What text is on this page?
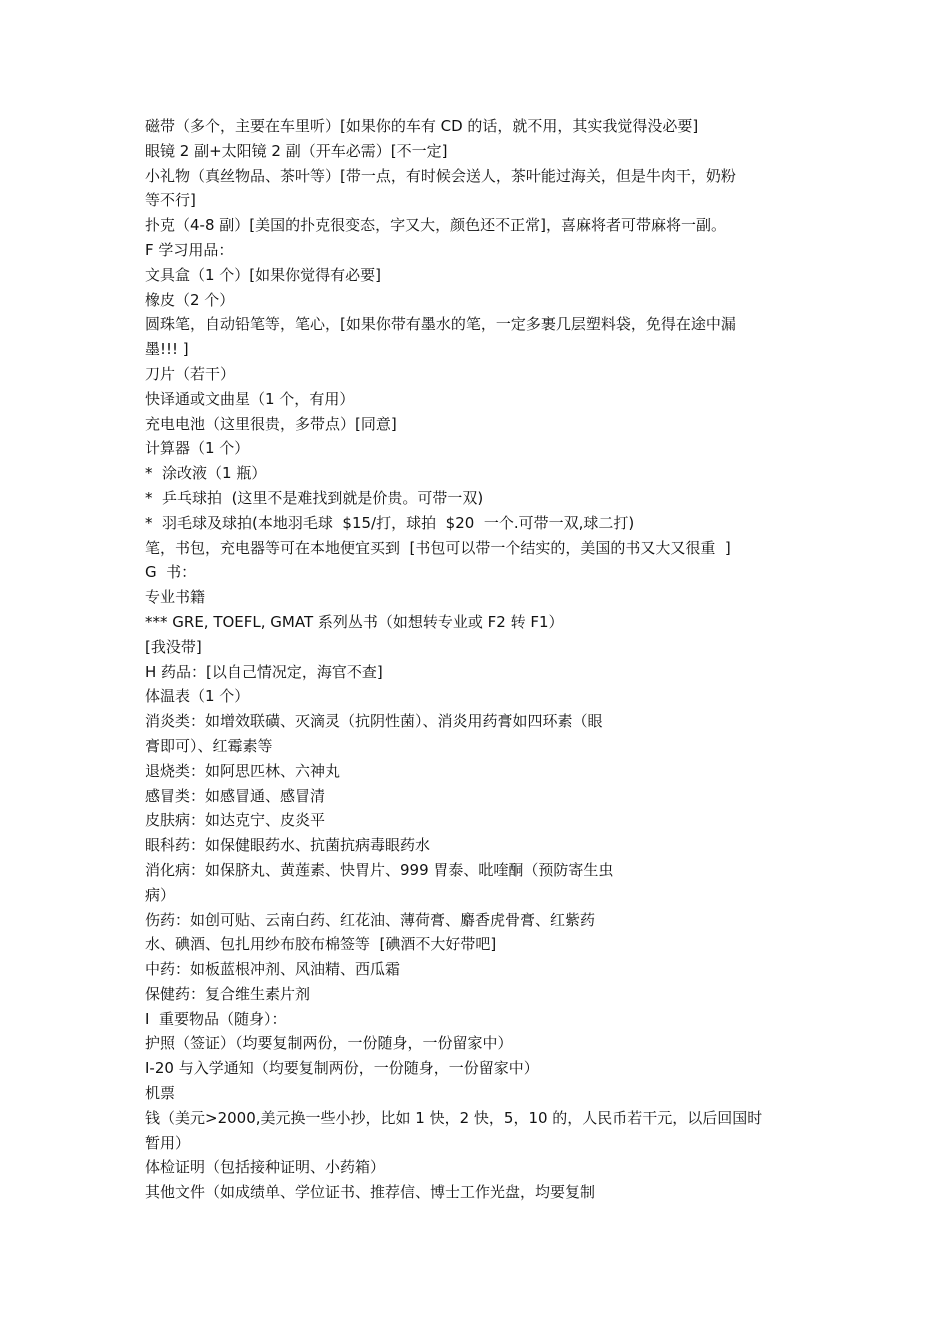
磁带（多个，主要在车里听）[如果你的车有 CD 的话，就不用，其实我觉得没必要]

眼镜 2 副+太阳镜 2 副（开车必需）[不一定]

小礼物（真丝物品、茶叶等）[带一点，有时候会送人，茶叶能过海关，但是牛肉干，奶粉

等不行]

扑克（4-8 副）[美国的扑克很变态，字又大，颜色还不正常]，喜麻将者可带麻将一副。

F 学习用品：

文具盒（1 个）[如果你觉得有必要]

橡皮（2 个）

圆珠笔，自动铅笔等，笔心，[如果你带有墨水的笔，一定多裹几层塑料袋，免得在途中漏

墨!!! ]

刀片（若干）

快译通或文曲星（1 个，有用）

充电电池（这里很贵，多带点）[同意]

计算器（1 个）

*  涂改液（1 瓶）

*  乒乓球拍  (这里不是难找到就是价贵。可带一双)

*  羽毛球及球拍(本地羽毛球  $15/打，球拍  $20  一个.可带一双,球二打)

笔，书包，充电器等可在本地便宜买到  [书包可以带一个结实的，美国的书又大又很重  ]

G  书：

专业书籍

*** GRE, TOEFL, GMAT 系列丛书（如想转专业或 F2 转 F1）

[我没带]

H 药品：[以自己情况定，海官不查]

体温表（1 个）

消炎类：如增效联磺、灭滴灵（抗阴性菌）、消炎用药膏如四环素（眼

膏即可）、红霉素等

退烧类：如阿思匹林、六神丸

感冒类：如感冒通、感冒清

皮肤病：如达克宁、皮炎平

眼科药：如保健眼药水、抗菌抗病毒眼药水

消化病：如保脐丸、黄莲素、快胃片、999 胃泰、吡喹酮（预防寄生虫

病）

伤药：如创可贴、云南白药、红花油、薄荷膏、麝香虎骨膏、红紫药

水、碘酒、包扎用纱布胶布棉签等  [碘酒不大好带吧]

中药：如板蓝根冲剂、风油精、西瓜霜

保健药：复合维生素片剂

I  重要物品（随身）：

护照（签证）（均要复制两份，一份随身，一份留家中）

I-20 与入学通知（均要复制两份，一份随身，一份留家中）

机票

钱（美元>2000,美元换一些小抄，比如 1 快，2 快，5，10 的，人民币若干元，以后回国时

暂用）

体检证明（包括接种证明、小药箱）

其他文件（如成绩单、学位证书、推荐信、博士工作光盘，均要复制
